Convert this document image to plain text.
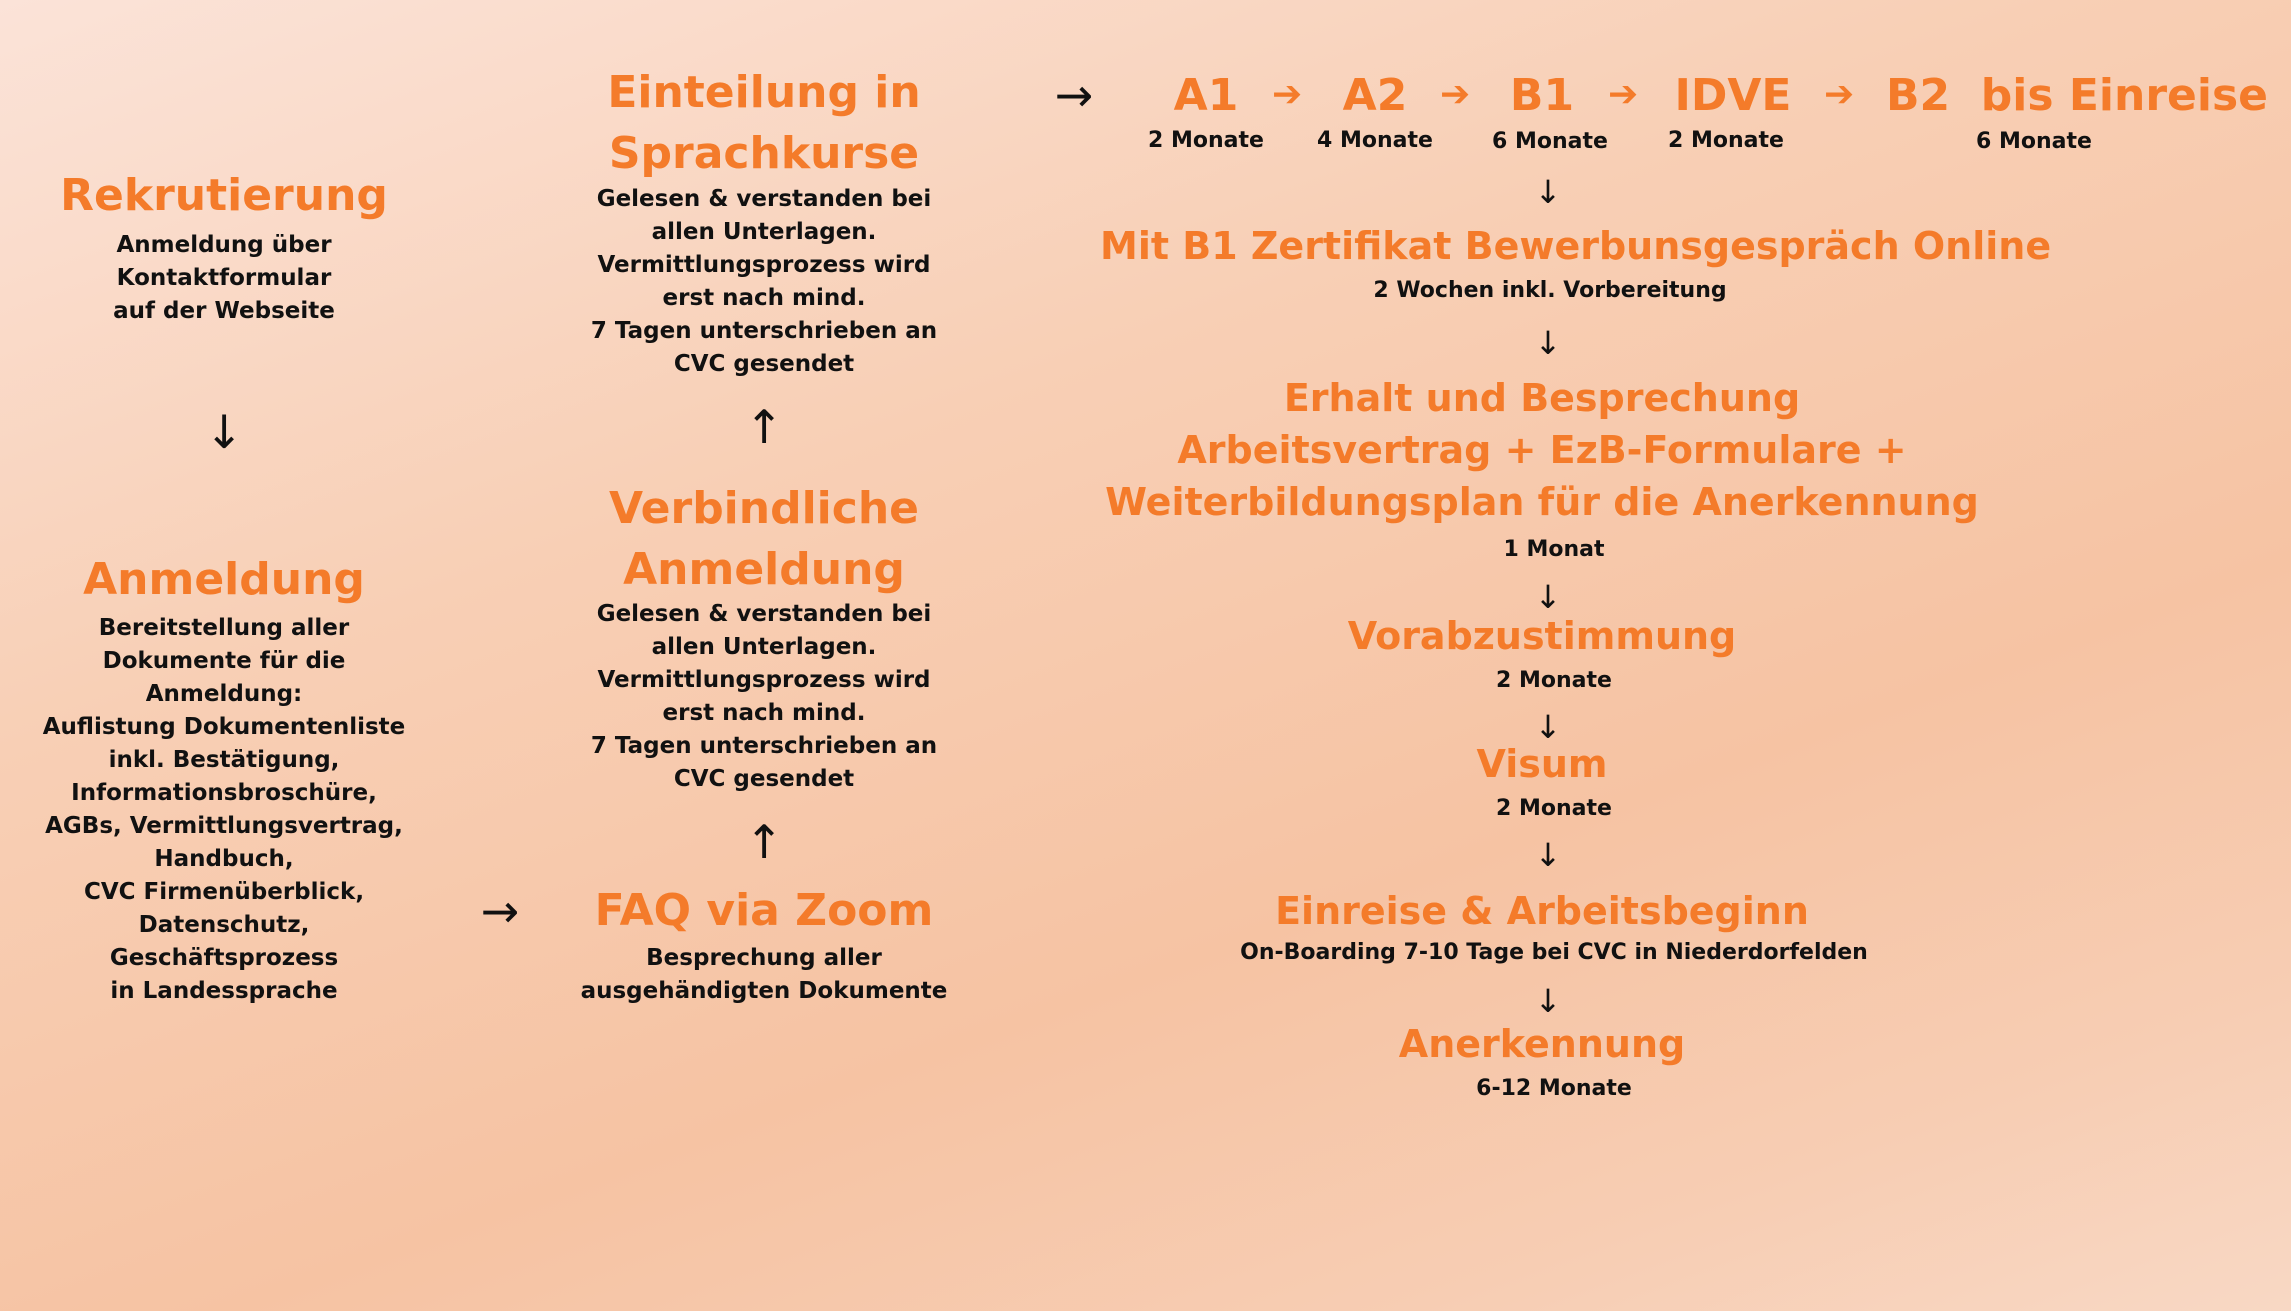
Rekrutierung
Anmeldung über
Kontaktformular
auf der Webseite
↓
Anmeldung
Bereitstellung aller
Dokumente für die
Anmeldung:
Auflistung Dokumentenliste
inkl. Bestätigung,
Informationsbroschüre,
AGBs, Vermittlungsvertrag,
Handbuch,
CVC Firmenüberblick,
Datenschutz,
Geschäftsprozess
in Landessprache
→
Einteilung in
Sprachkurse
Gelesen & verstanden bei
allen Unterlagen.
Vermittlungsprozess wird
erst nach mind.
7 Tagen unterschrieben an
CVC gesendet
↑
Verbindliche
Anmeldung
Gelesen & verstanden bei
allen Unterlagen.
Vermittlungsprozess wird
erst nach mind.
7 Tagen unterschrieben an
CVC gesendet
↑
FAQ via Zoom
Besprechung aller
ausgehändigten Dokumente
→	A1
2 Monate
➔ A2
4 Monate
➔ B1
6 Monate
➔ IDVE
2 Monate
➔ B2  bis Einreise
6 Monate
↓
Mit B1 Zertifikat Bewerbunsgespräch Online
2 Wochen inkl. Vorbereitung
↓
Erhalt und Besprechung
Arbeitsvertrag + EzB-Formulare +
Weiterbildungsplan für die Anerkennung
1 Monat
↓
Vorabzustimmung
2 Monate
↓
Visum
2 Monate
↓
Einreise & Arbeitsbeginn
On-Boarding 7-10 Tage bei CVC in Niederdorfelden
↓
Anerkennung
6-12 Monate
